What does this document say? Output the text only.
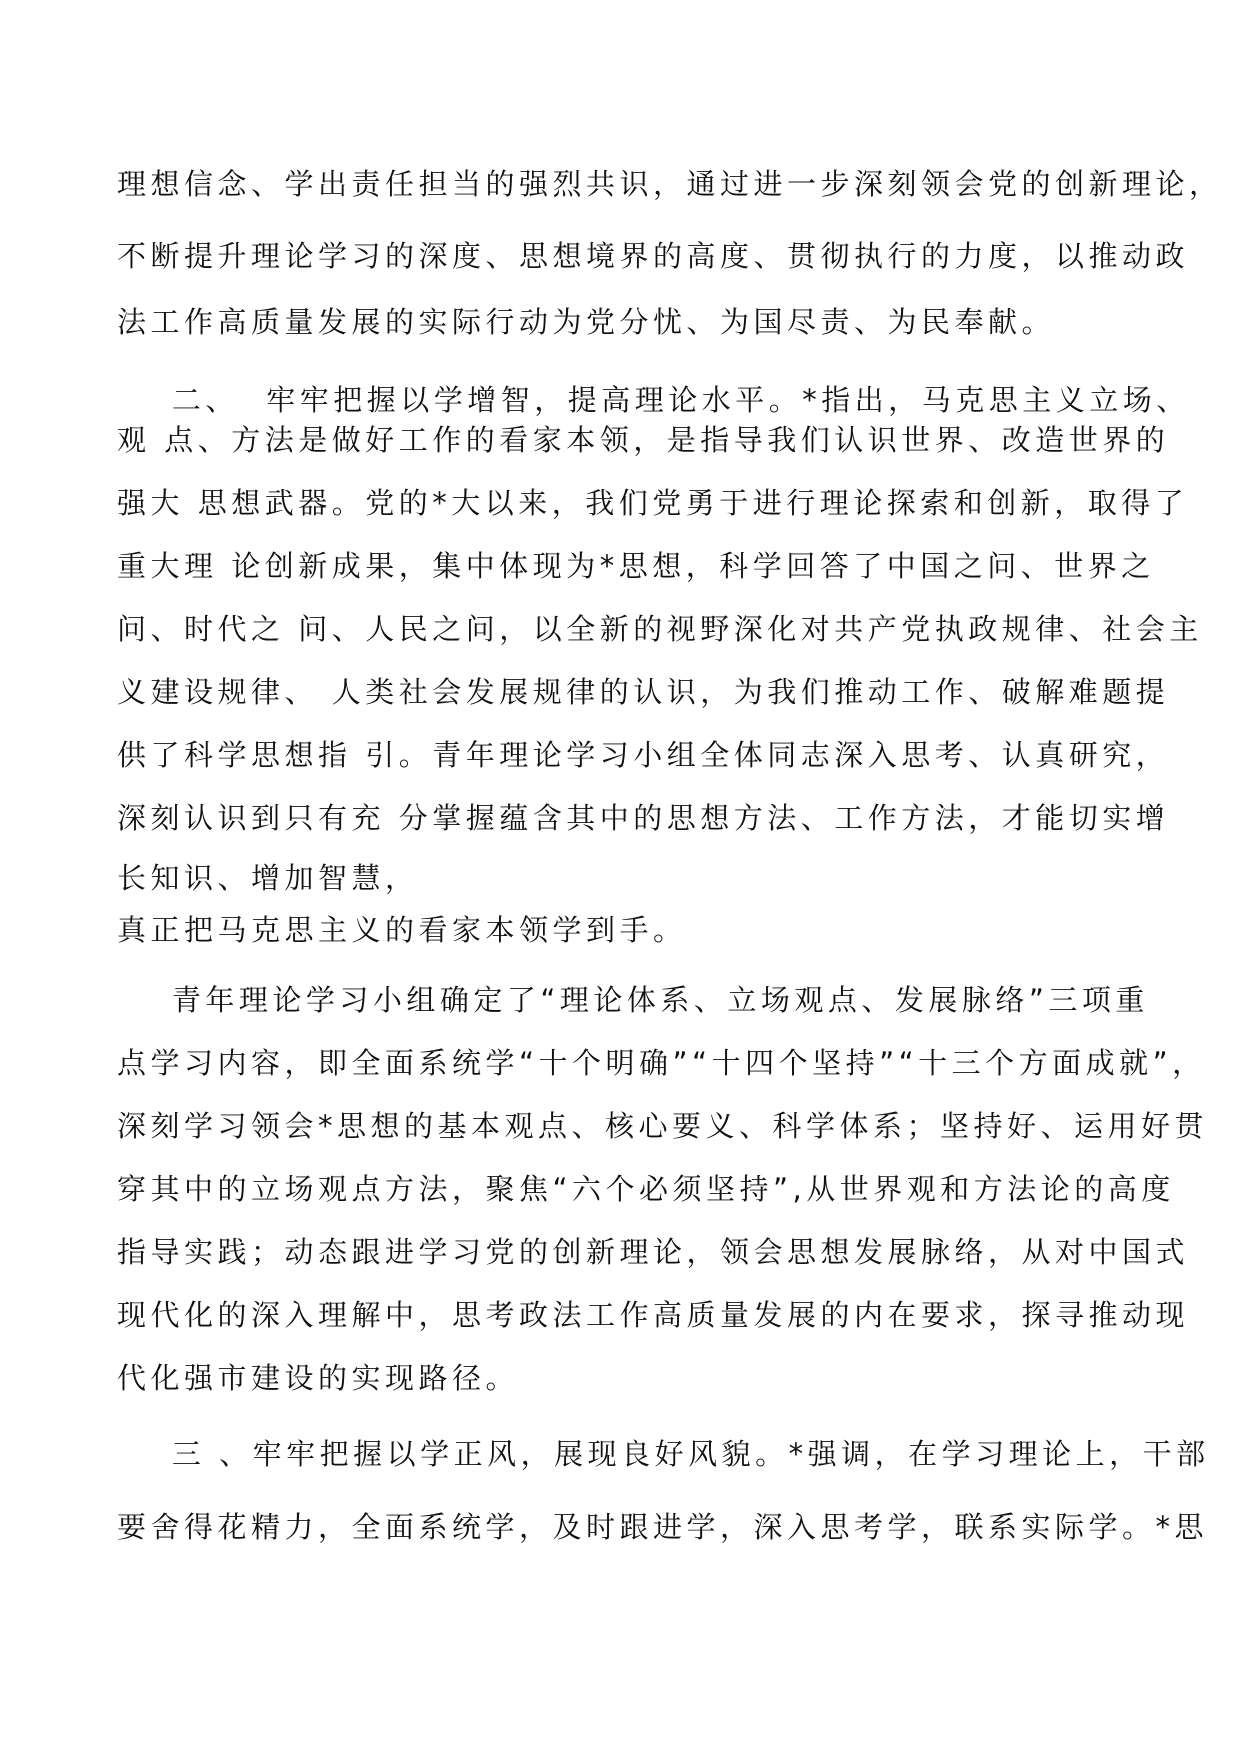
理想信念、学出责任担当的强烈共识，通过进一步深刻领会党的创新理论，

不断提升理论学习的深度、思想境界的高度、贯彻执行的力度，以推动政

法工作高质量发展的实际行动为党分忧、为国尽责、为民奉献。

二、  牢牢把握以学增智，提高理论水平。*指出，马克思主义立场、

观 点、方法是做好工作的看家本领，是指导我们认识世界、改造世界的

强大 思想武器。党的*大以来，我们党勇于进行理论探索和创新，取得了

重大理 论创新成果，集中体现为*思想，科学回答了中国之问、世界之

问、时代之 问、人民之问，以全新的视野深化对共产党执政规律、社会主

义建设规律、 人类社会发展规律的认识，为我们推动工作、破解难题提

供了科学思想指 引。青年理论学习小组全体同志深入思考、认真研究，

深刻认识到只有充 分掌握蕴含其中的思想方法、工作方法，才能切实增

长知识、增加智慧，

真正把马克思主义的看家本领学到手。

青年理论学习小组确定了“理论体系、立场观点、发展脉络”三项重

点学习内容，即全面系统学“十个明确”“十四个坚持”“十三个方面成就”，

深刻学习领会*思想的基本观点、核心要义、科学体系；坚持好、运用好贯

穿其中的立场观点方法，聚焦“六个必须坚持”,从世界观和方法论的高度

指导实践；动态跟进学习党的创新理论，领会思想发展脉络，从对中国式

现代化的深入理解中，思考政法工作高质量发展的内在要求，探寻推动现

代化强市建设的实现路径。

三 、牢牢把握以学正风，展现良好风貌。*强调，在学习理论上，干部

要舍得花精力，全面系统学，及时跟进学，深入思考学，联系实际学。*思
